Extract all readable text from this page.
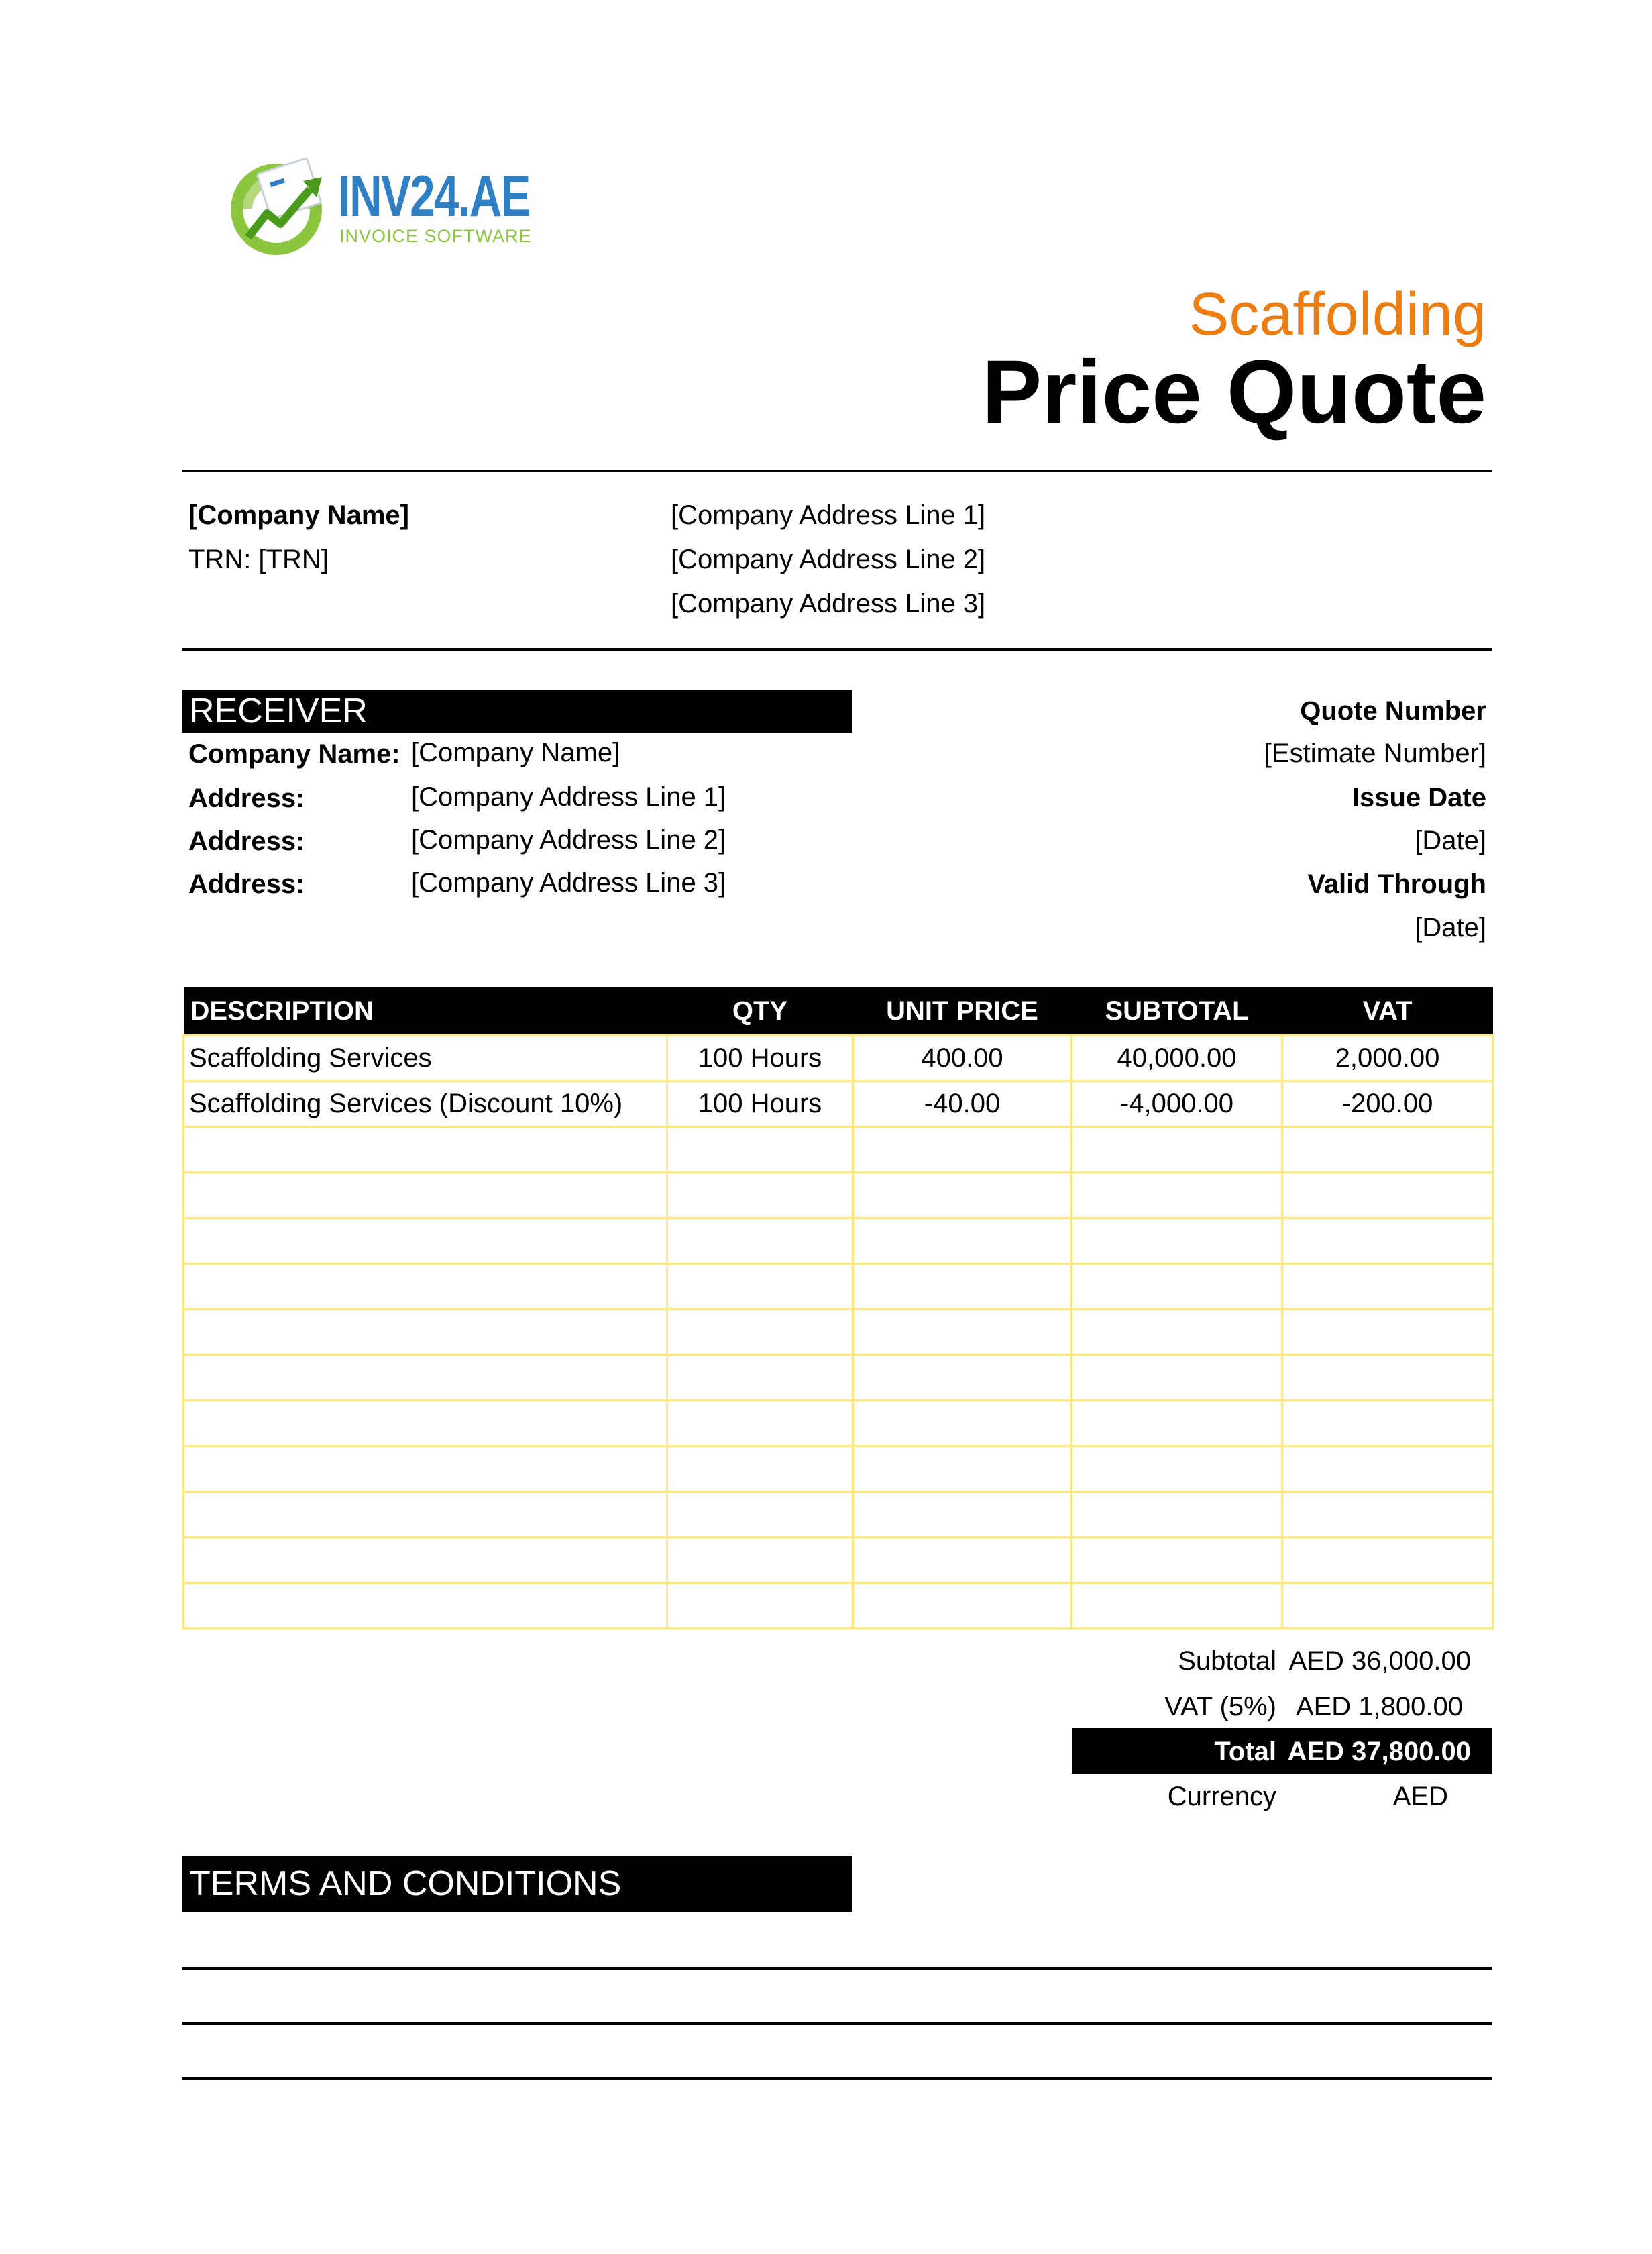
INV24.AE
INVOICE SOFTWARE
Scaffolding
Price Quote
[Company Name]
TRN: [TRN]
[Company Address Line 1]
[Company Address Line 2]
[Company Address Line 3]
RECEIVER
Company Name: [Company Name]
Address:	[Company Address Line 1]
Address:	[Company Address Line 2]
Address:	[Company Address Line 3]
Quote Number
[Estimate Number]
Issue Date
[Date]
Valid Through
[Date]
DESCRIPTION	QTY	UNIT PRICE	SUBTOTAL	VAT
Scaffolding Services	100 Hours	400.00	40,000.00	2,000.00
Scaffolding Services (Discount 10%)	100 Hours	-40.00	-4,000.00	-200.00

Subtotal AED 36,000.00
VAT (5%) AED 1,800.00
Total AED 37,800.00
Currency	AED
TERMS AND CONDITIONS
